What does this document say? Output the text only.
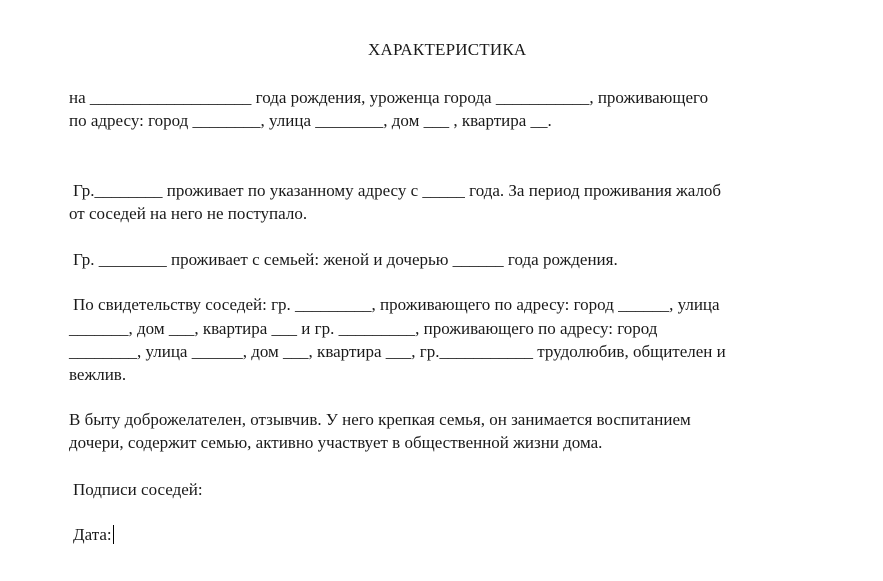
ХАРАКТЕРИСТИКА
на ___________________ года рождения, уроженца города ___________, проживающего
по адресу: город ________, улица ________, дом ___ , квартира __.
Гр.________ проживает по указанному адресу с _____ года. За период проживания жалоб
от соседей на него не поступало.
Гр. ________ проживает с семьей: женой и дочерью ______ года рождения.
По свидетельству соседей: гр. _________, проживающего по адресу: город ______, улица
_______, дом ___, квартира ___ и гр. _________, проживающего по адресу: город
________, улица ______, дом ___, квартира ___, гр.___________ трудолюбив, общителен и
вежлив.
В быту доброжелателен, отзывчив. У него крепкая семья, он занимается воспитанием
дочери, содержит семью, активно участвует в общественной жизни дома.
Подписи соседей:
Дата:
